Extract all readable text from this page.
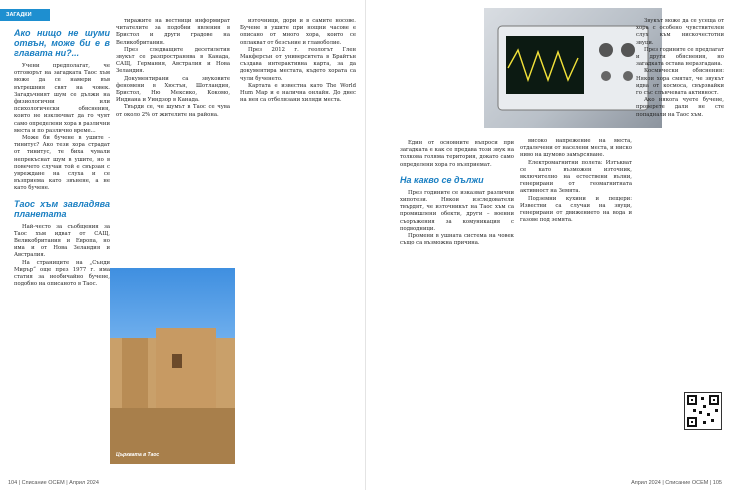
ЗАГАДКИ
Ако нищо не шуми отвън, може би е в главата ни?...

Учени предполагат, че отговорът на загадката Таос хъм може да се намери във вътрешния свят на човек. Загадъчният шум се дължи на физиологични или психологически обяснения, които не изключват да го чуят само определени хора в различни места и по различно време...

Може би бучене в ушите - тинитус? Ако тези хора страдат от тинитус, те биха чували непрекъснат шум в ушите, но в повечето случаи той е свързан с увреждане на слуха и се възприема като звънене, а не като бучене.

Таос хъм завладява планетата

Най-често за съобщения за Таос хъм идват от САЩ, Великобритания и Европа, но има и от Нова Зеландия и Австралия.

На страниците на „Сънди Мирър“ още през 1977 г. има статия за необичайно бучене, подобно на описаното в Таос.

тиражите на вестници информират читателите за подобни явления в Бристол и други градове на Великобритания.

През следващите десетилетия звукът се разпространява в Канада, САЩ, Германия, Австралия и Нова Зеландия.

Документирани са звуковите феномени в Хюстън, Шотландия, Бристол, Ню Мексико, Кокомо, Индиана и Уиндзор в Канада.

Твърди се, че шумът в Таос се чува от около 2% от жителите на района.

Църквата в Таос

източници, дори и в самите носове. Бучене в ушите при нощни часове е описано от много хора, които се оплакват от безсъние и главоболие.

През 2012 г. геологът Глен Макферсън от университета в Брайтън създава интерактивна карта, за да документира местата, където хората са чули бученето.

Картата е известна като The World Hum Map и е налична онлайн. До днес на нея са отбелязани хиляди места.

104 | Списание ОСЕМ | Април 2024

Един от основните въпроси при загадката е как се предава този звук на толкова голяма територия, докато само определени хора го възприемат.

На какво се дължи

През годините се изказват различни хипотези. Някои изследователи твърдят, че източникът на Таос хъм са промишлени обекти, други – военни съоръжения за комуникация с подводници.

Промени в ушната система на човек също са възможна причина.

високо напрежение на места, отдалечени от населени места, и ниско ниво на шумово замърсяване.

Електромагнитни полета: Изтъкват се като възможен източник, включително на естествени вълни, генерирани от геомагнитната активност на Земята.

Подземни кухини и пещери: Известни са случаи на звуци, генерирани от движението на вода и газове под земята.

Звукът може да се усеща от хора с особено чувствителен слух към нискочестотни звуци.

През годините се предлагат и други обяснения, но загадката остава неразгадана.

Космически обяснения: Някои хора смятат, че звукът идва от космоса, свързвайки го със слънчевата активност.

Ако някога чуете бучене, проверете дали не сте попаднали на Таос хъм.

Април 2024 | Списание ОСЕМ | 105
